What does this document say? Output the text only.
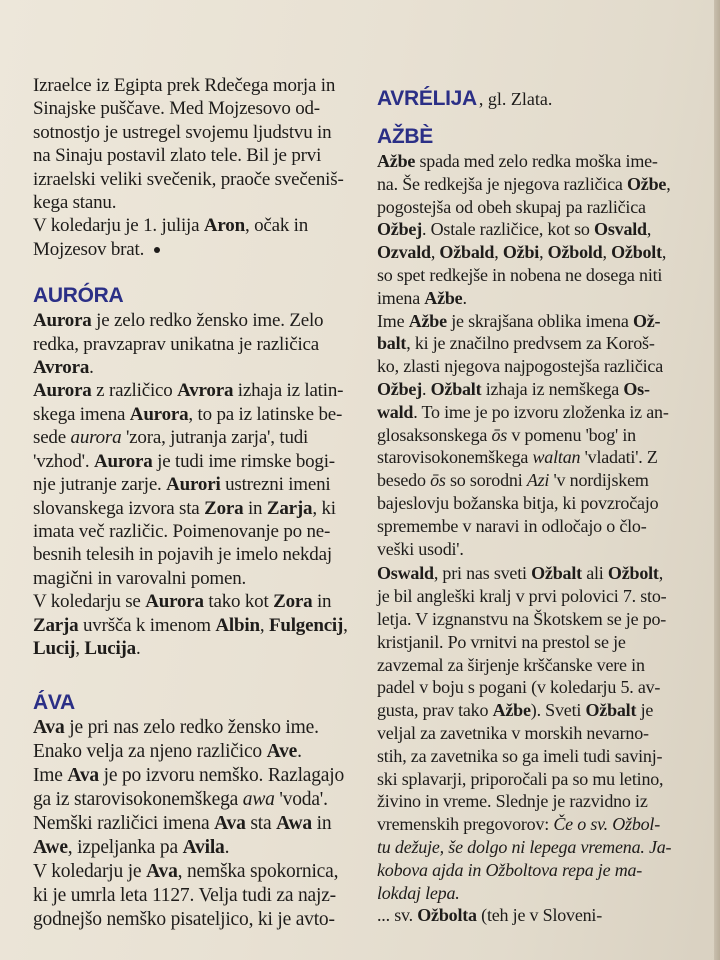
Izraelce iz Egipta prek Rdečega morja in
Sinajske puščave. Med Mojzesovo od-
sotnostjo je ustregel svojemu ljudstvu in
na Sinaju postavil zlato tele. Bil je prvi
izraelski veliki svečenik, praoče svečeniš-
kega stanu.
V koledarju je 1. julija Aron, očak in
Mojzesov brat.

AURÓRA

Aurora je zelo redko žensko ime. Zelo
redka, pravzaprav unikatna je različica
Avrora.

Aurora z različico Avrora izhaja iz latin-
skega imena Aurora, to pa iz latinske be-
sede aurora 'zora, jutranja zarja', tudi
'vzhod'. Aurora je tudi ime rimske bogi-
nje jutranje zarje. Aurori ustrezni imeni
slovanskega izvora sta Zora in Zarja, ki
imata več različic. Poimenovanje po ne-
besnih telesih in pojavih je imelo nekdaj
magični in varovalni pomen.

V koledarju se Aurora tako kot Zora in
Zarja uvršča k imenom Albin, Fulgencij,
Lucij, Lucija.

ÁVA

Ava je pri nas zelo redko žensko ime.
Enako velja za njeno različico Ave.

Ime Ava je po izvoru nemško. Razlagajo
ga iz starovisokonemškega awa 'voda'.
Nemški različici imena Ava sta Awa in
Awe, izpeljanka pa Avila.

V koledarju je Ava, nemška spokornica,
ki je umrla leta 1127. Velja tudi za najz-
godnejšo nemško pisateljico, ki je avto-

AVRÉLIJA , gl. Zlata.
AŽBÈ

Ažbe spada med zelo redka moška ime-
na. Še redkejša je njegova različica Ožbe,
pogostejša od obeh skupaj pa različica
Ožbej. Ostale različice, kot so Osvald,
Ozvald, Ožbald, Ožbi, Ožbold, Ožbolt,
so spet redkejše in nobena ne dosega niti
imena Ažbe.

Ime Ažbe je skrajšana oblika imena Ož-
balt, ki je značilno predvsem za Koroš-
ko, zlasti njegova najpogostejša različica
Ožbej. Ožbalt izhaja iz nemškega Os-
wald. To ime je po izvoru zloženka iz an-
glosaksonskega ōs v pomenu 'bog' in
starovisokonemškega waltan 'vladati'. Z
besedo ōs so sorodni Azi 'v nordijskem
bajeslovju božanska bitja, ki povzročajo
spremembe v naravi in odločajo o člo-
veški usodi'.

Oswald, pri nas sveti Ožbalt ali Ožbolt,
je bil angleški kralj v prvi polovici 7. sto-
letja. V izgnanstvu na Škotskem se je po-
kristjanil. Po vrnitvi na prestol se je
zavzemal za širjenje krščanske vere in
padel v boju s pogani (v koledarju 5. av-
gusta, prav tako Ažbe). Sveti Ožbalt je
veljal za zavetnika v morskih nevarno-
stih, za zavetnika so ga imeli tudi savinj-
ski splavarji, priporočali pa so mu letino,
živino in vreme. Slednje je razvidno iz
vremenskih pregovorov: Če o sv. Ožbol-
tu dežuje, še dolgo ni lepega vremena. Ja-
kobova ajda in Ožboltova repa je ma-
lokdaj lepa.
... sv. Ožbolta (teh je v Sloveni-
